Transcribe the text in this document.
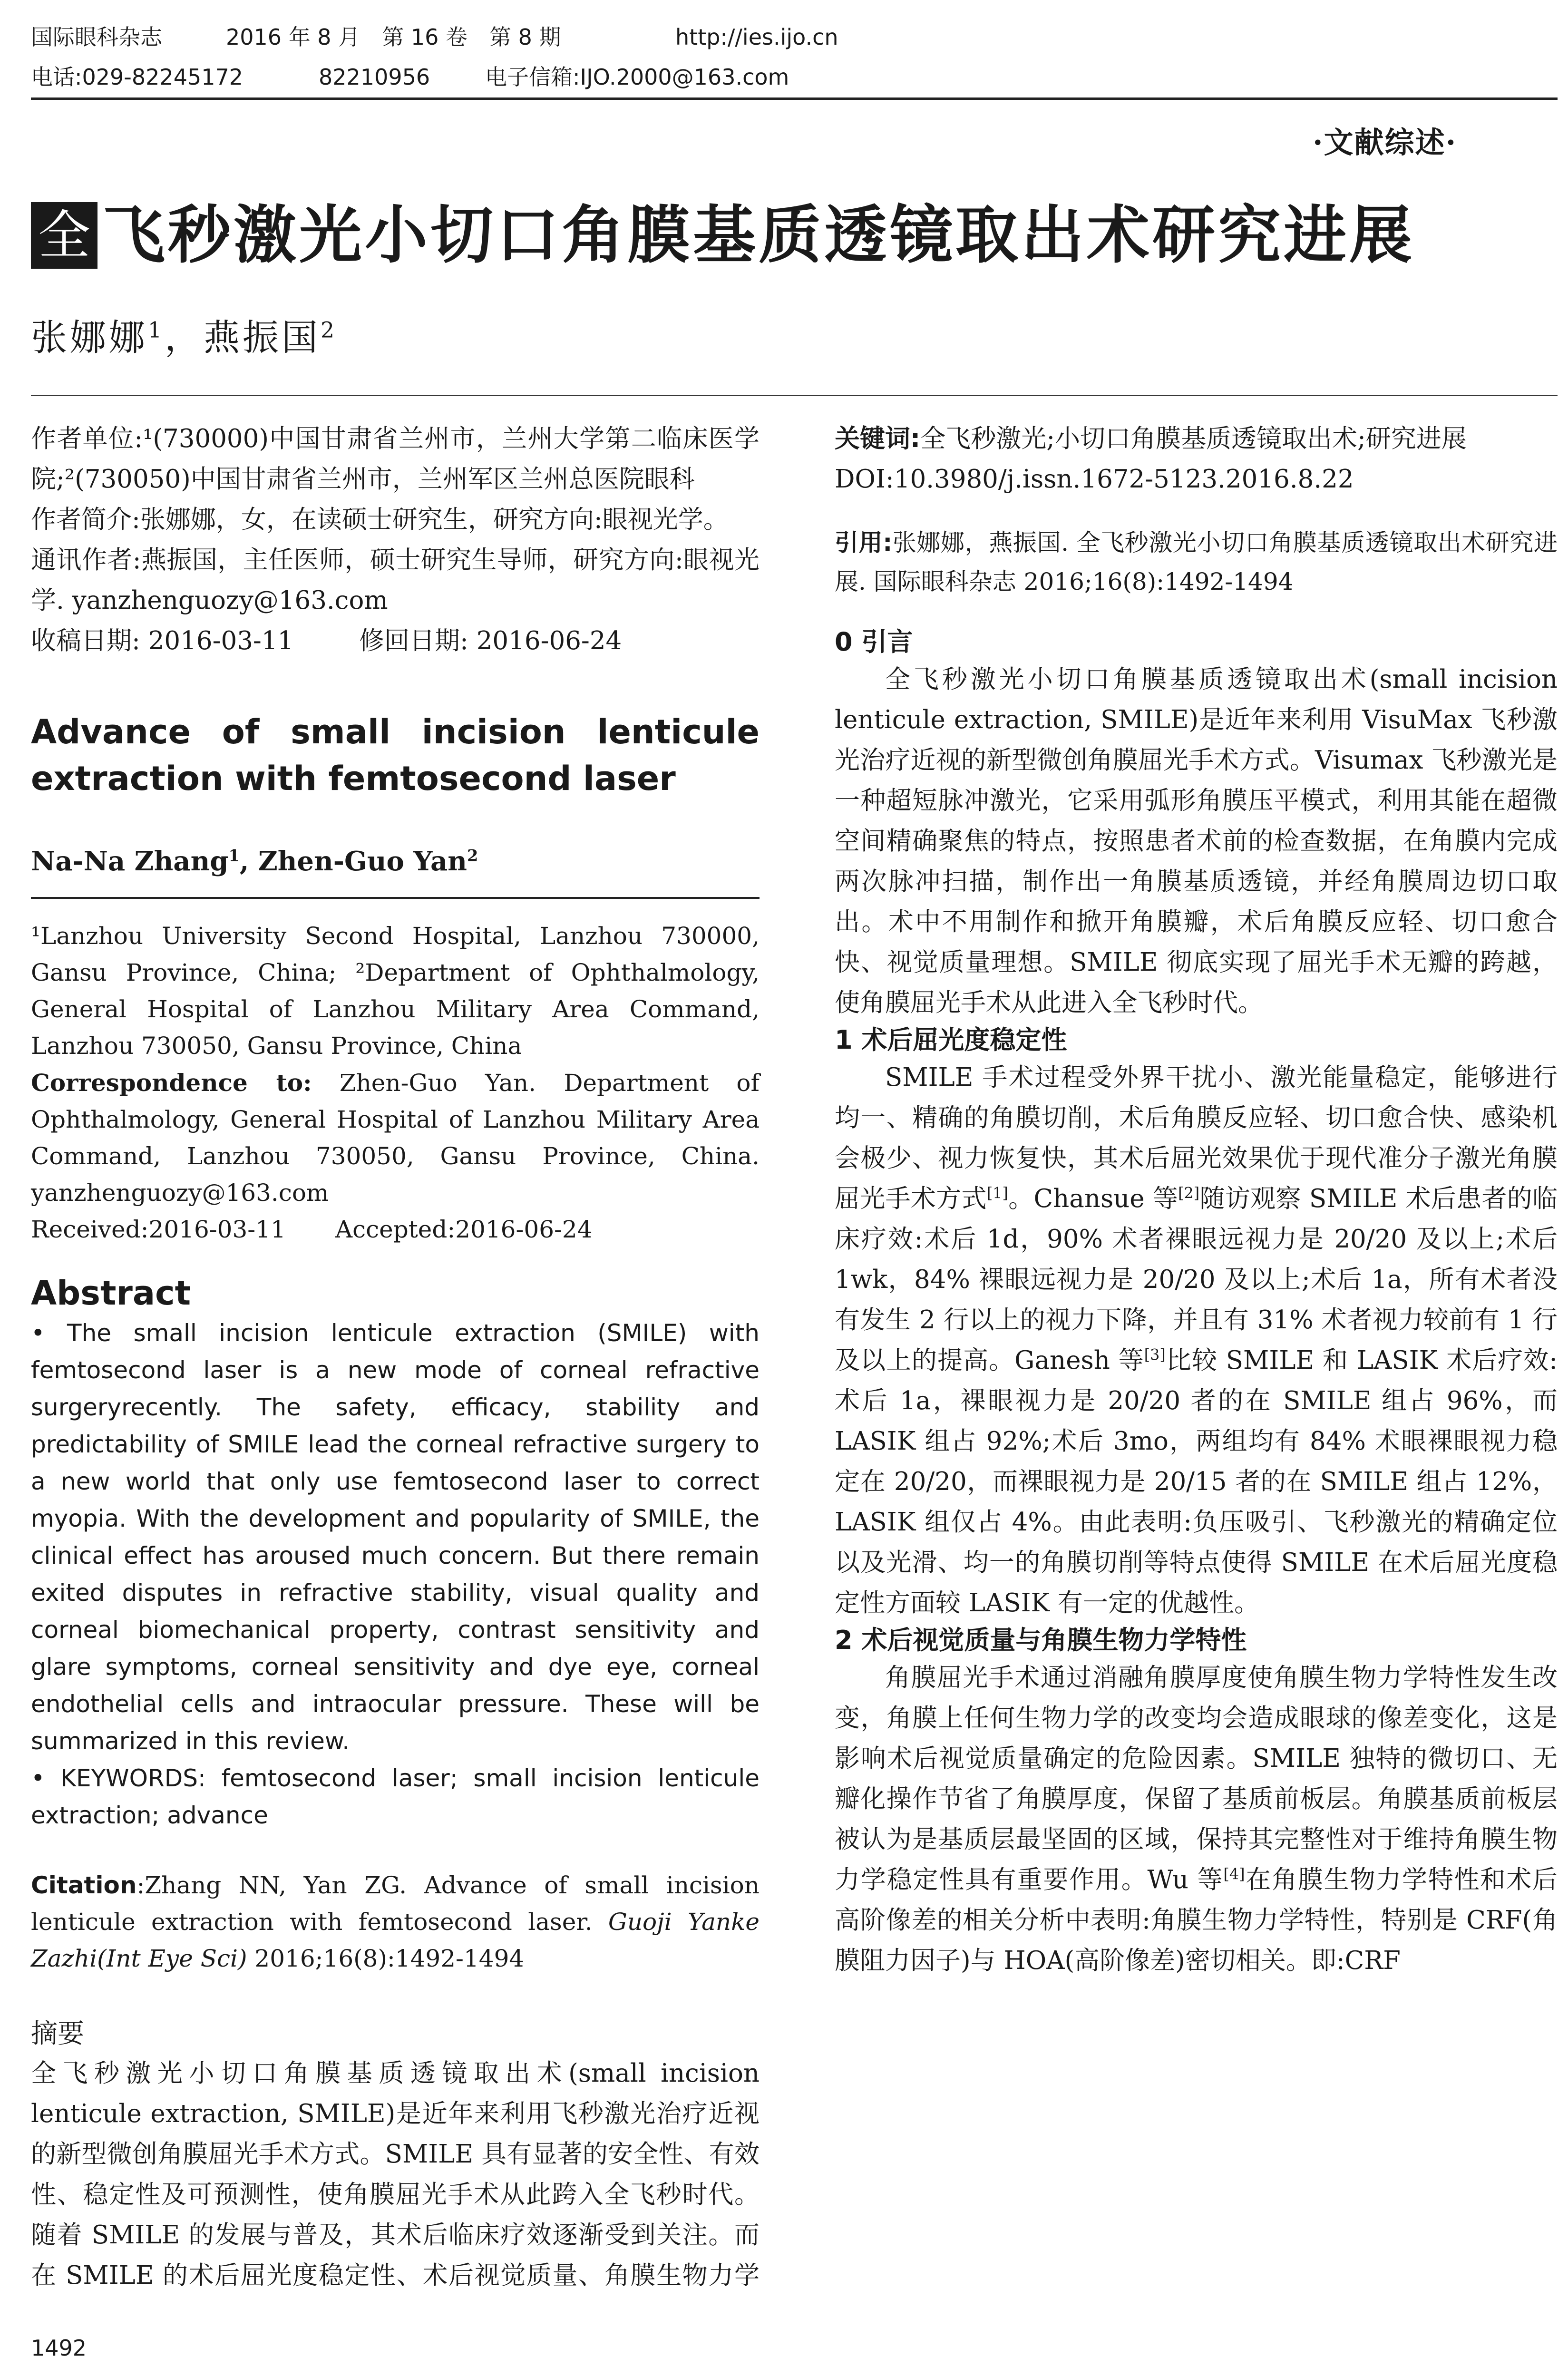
国际眼科杂志	2016 年 8 月　第 16 卷　第 8 期	http://ies.ijo.cn
电话:029-82245172	82210956	电子信箱:IJO.2000@163.com
·文献综述·
全 飞秒激光小切口角膜基质透镜取出术研究进展
张娜娜$^1$，燕振国$^2$

作者单位:¹(730000)中国甘肃省兰州市，兰州大学第二临床医学院;²(730050)中国甘肃省兰州市，兰州军区兰州总医院眼科

作者简介:张娜娜，女，在读硕士研究生，研究方向:眼视光学。

通讯作者:燕振国，主任医师，硕士研究生导师，研究方向:眼视光学. yanzhenguozy@163.com

收稿日期: 2016-03-11	修回日期: 2016-06-24

Advance of small incision lenticule extraction with femtosecond laser
Na-Na Zhang$^1$, Zhen-Guo Yan$^2$

¹Lanzhou University Second Hospital, Lanzhou 730000, Gansu Province, China; ²Department of Ophthalmology, General Hospital of Lanzhou Military Area Command, Lanzhou 730050, Gansu Province, China

Correspondence to: Zhen-Guo Yan. Department of Ophthalmology, General Hospital of Lanzhou Military Area Command, Lanzhou 730050, Gansu Province, China. yanzhenguozy@163.com

Received:2016-03-11 Accepted:2016-06-24

Abstract

• The small incision lenticule extraction (SMILE) with femtosecond laser is a new mode of corneal refractive surgeryrecently. The safety, efficacy, stability and predictability of SMILE lead the corneal refractive surgery to a new world that only use femtosecond laser to correct myopia. With the development and popularity of SMILE, the clinical effect has aroused much concern. But there remain exited disputes in refractive stability, visual quality and corneal biomechanical property, contrast sensitivity and glare symptoms, corneal sensitivity and dye eye, corneal endothelial cells and intraocular pressure. These will be summarized in this review.

• KEYWORDS: femtosecond laser; small incision lenticule extraction; advance

Citation:Zhang NN, Yan ZG. Advance of small incision lenticule extraction with femtosecond laser. Guoji Yanke Zazhi(Int Eye Sci) 2016;16(8):1492-1494

摘要

全飞秒激光小切口角膜基质透镜取出术(small incision lenticule extraction, SMILE)是近年来利用飞秒激光治疗近视的新型微创角膜屈光手术方式。SMILE 具有显著的安全性、有效性、稳定性及可预测性，使角膜屈光手术从此跨入全飞秒时代。随着 SMILE 的发展与普及，其术后临床疗效逐渐受到关注。而在 SMILE 的术后屈光度稳定性、术后视觉质量、角膜生物力学

1492

关键词:全飞秒激光;小切口角膜基质透镜取出术;研究进展

DOI:10.3980/j.issn.1672-5123.2016.8.22

引用:张娜娜，燕振国. 全飞秒激光小切口角膜基质透镜取出术研究进展. 国际眼科杂志 2016;16(8):1492-1494

0 引言

全飞秒激光小切口角膜基质透镜取出术(small incision lenticule extraction, SMILE)是近年来利用 VisuMax 飞秒激光治疗近视的新型微创角膜屈光手术方式。Visumax 飞秒激光是一种超短脉冲激光，它采用弧形角膜压平模式，利用其能在超微空间精确聚焦的特点，按照患者术前的检查数据，在角膜内完成两次脉冲扫描，制作出一角膜基质透镜，并经角膜周边切口取出。术中不用制作和掀开角膜瓣，术后角膜反应轻、切口愈合快、视觉质量理想。SMILE 彻底实现了屈光手术无瓣的跨越，使角膜屈光手术从此进入全飞秒时代。

1 术后屈光度稳定性

SMILE 手术过程受外界干扰小、激光能量稳定，能够进行均一、精确的角膜切削，术后角膜反应轻、切口愈合快、感染机会极少、视力恢复快，其术后屈光效果优于现代准分子激光角膜屈光手术方式[1]。Chansue 等[2]随访观察 SMILE 术后患者的临床疗效:术后 1d，90% 术者裸眼远视力是 20/20 及以上;术后 1wk，84% 裸眼远视力是 20/20 及以上;术后 1a，所有术者没有发生 2 行以上的视力下降，并且有 31% 术者视力较前有 1 行及以上的提高。Ganesh 等[3]比较 SMILE 和 LASIK 术后疗效:术后 1a，裸眼视力是 20/20 者的在 SMILE 组占 96%，而 LASIK 组占 92%;术后 3mo，两组均有 84% 术眼裸眼视力稳定在 20/20，而裸眼视力是 20/15 者的在 SMILE 组占 12%，LASIK 组仅占 4%。由此表明:负压吸引、飞秒激光的精确定位以及光滑、均一的角膜切削等特点使得 SMILE 在术后屈光度稳定性方面较 LASIK 有一定的优越性。

2 术后视觉质量与角膜生物力学特性

角膜屈光手术通过消融角膜厚度使角膜生物力学特性发生改变，角膜上任何生物力学的改变均会造成眼球的像差变化，这是影响术后视觉质量确定的危险因素。SMILE 独特的微切口、无瓣化操作节省了角膜厚度，保留了基质前板层。角膜基质前板层被认为是基质层最坚固的区域，保持其完整性对于维持角膜生物力学稳定性具有重要作用。Wu 等[4]在角膜生物力学特性和术后高阶像差的相关分析中表明:角膜生物力学特性，特别是 CRF(角膜阻力因子)与 HOA(高阶像差)密切相关。即:CRF
